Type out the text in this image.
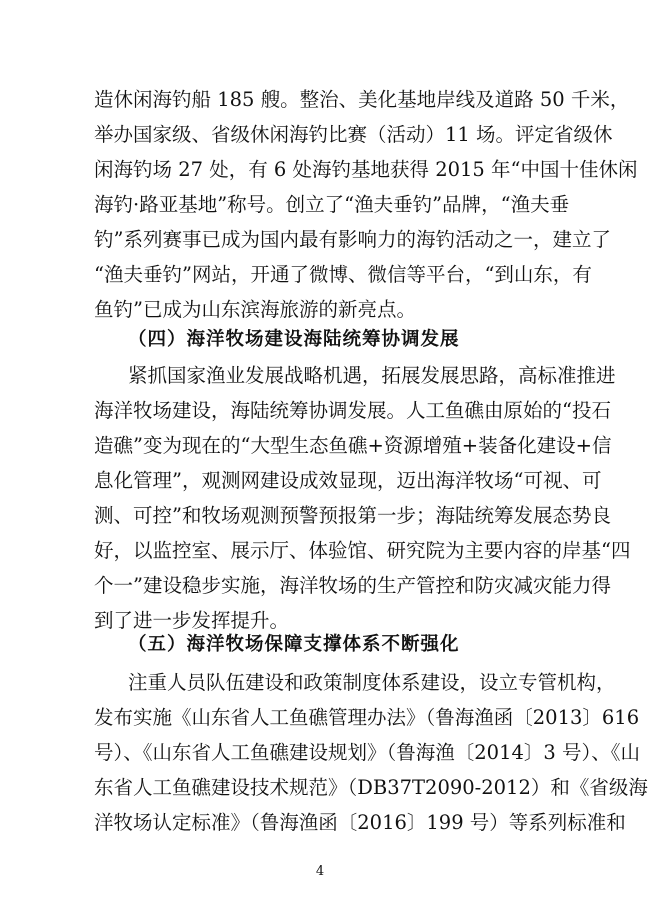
造休闲海钓船 185 艘。整治、美化基地岸线及道路 50 千米，
举办国家级、省级休闲海钓比赛（活动）11 场。评定省级休
闲海钓场 27 处，有 6 处海钓基地获得 2015 年“中国十佳休闲
海钓·路亚基地”称号。创立了“渔夫垂钓”品牌，“渔夫垂
钓”系列赛事已成为国内最有影响力的海钓活动之一，建立了
“渔夫垂钓”网站，开通了微博、微信等平台，“到山东，有
鱼钓”已成为山东滨海旅游的新亮点。
（四）海洋牧场建设海陆统筹协调发展
紧抓国家渔业发展战略机遇，拓展发展思路，高标准推进
海洋牧场建设，海陆统筹协调发展。人工鱼礁由原始的“投石
造礁”变为现在的“大型生态鱼礁+资源增殖+装备化建设+信
息化管理”，观测网建设成效显现，迈出海洋牧场“可视、可
测、可控”和牧场观测预警预报第一步；海陆统筹发展态势良
好，以监控室、展示厅、体验馆、研究院为主要内容的岸基“四
个一”建设稳步实施，海洋牧场的生产管控和防灾减灾能力得
到了进一步发挥提升。
（五）海洋牧场保障支撑体系不断强化
注重人员队伍建设和政策制度体系建设，设立专管机构，
发布实施《山东省人工鱼礁管理办法》（鲁海渔函〔2013〕616
号）、《山东省人工鱼礁建设规划》（鲁海渔〔2014〕3 号）、《山
东省人工鱼礁建设技术规范》（DB37T2090-2012）和《省级海
洋牧场认定标准》（鲁海渔函〔2016〕199 号）等系列标准和
4
